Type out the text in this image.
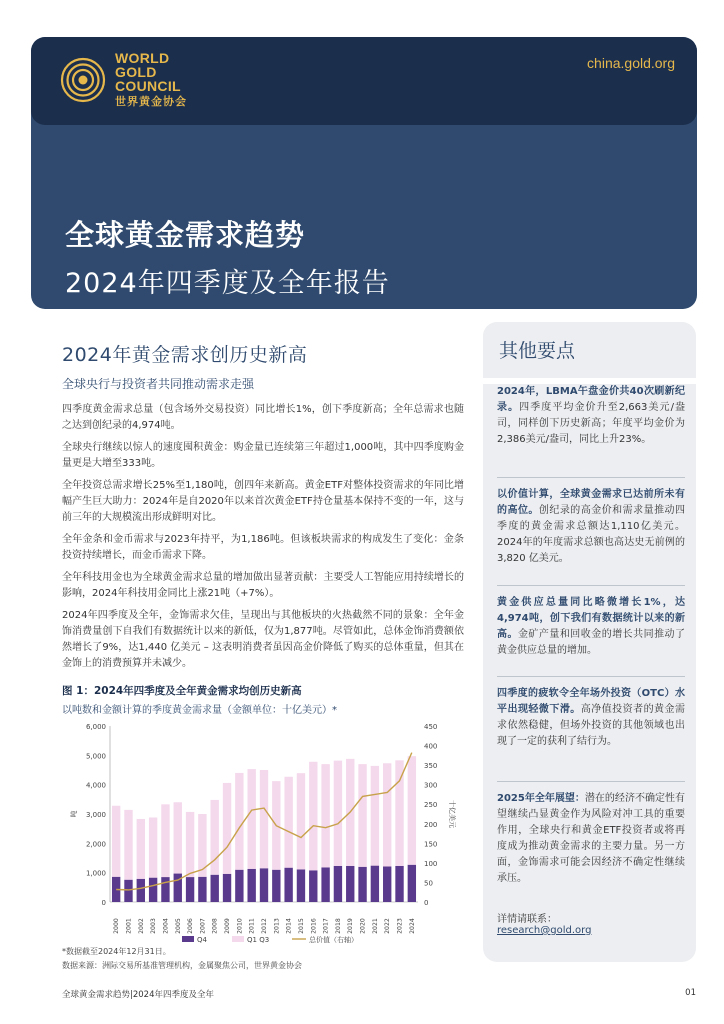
WORLD
GOLD
COUNCIL
世界黄金协会
china.gold.org
全球黄金需求趋势
2024年四季度及全年报告
2024年黄金需求创历史新高
全球央行与投资者共同推动需求走强

四季度黄金需求总量（包含场外交易投资）同比增长1%，创下季度新高；全年总需求也随之达到创纪录的4,974吨。

全球央行继续以惊人的速度囤积黄金：购金量已连续第三年超过1,000吨，其中四季度购金量更是大增至333吨。

全年投资总需求增长25%至1,180吨，创四年来新高。黄金ETF对整体投资需求的年同比增幅产生巨大助力：2024年是自2020年以来首次黄金ETF持仓量基本保持不变的一年，这与前三年的大规模流出形成鲜明对比。

全年金条和金币需求与2023年持平，为1,186吨。但该板块需求的构成发生了变化：金条投资持续增长，而金币需求下降。

全年科技用金也为全球黄金需求总量的增加做出显著贡献：主要受人工智能应用持续增长的影响，2024年科技用金同比上涨21吨（+7%）。

2024年四季度及全年，金饰需求欠佳，呈现出与其他板块的火热截然不同的景象：全年金饰消费量创下自我们有数据统计以来的新低，仅为1,877吨。尽管如此，总体金饰消费额依然增长了9%，达1,440 亿美元 – 这表明消费者虽因高金价降低了购买的总体重量，但其在金饰上的消费预算并未减少。

图 1：2024年四季度及全年黄金需求均创历史新高
以吨数和金额计算的季度黄金需求量（金额单位：十亿美元）*
0
1,000
2,000
3,000
4,000
5,000
6,000
0
50
100
150
200
250
300
350
400
450
吨	十亿美元
2000 2001 2002 2003 2004 2005 2006 2007 2008 2009 2010 2011 2012 2013 2014 2015 2016 2017 2018 2019 2020 2021 2022 2023 2024
Q4	Q1 Q3	总价值（右轴）
*数据截至2024年12月31日。
数据来源：洲际交易所基准管理机构，金属聚焦公司，世界黄金协会
其他要点
2024年，LBMA午盘金价共40次刷新纪录。四季度平均金价升至2,663美元/盎司，同样创下历史新高；年度平均金价为2,386美元/盎司，同比上升23%。
以价值计算，全球黄金需求已达前所未有的高位。创纪录的高金价和需求量推动四季度的黄金需求总额达1,110亿美元。2024年的年度需求总额也高达史无前例的3,820 亿美元。
黄金供应总量同比略微增长1%，达4,974吨，创下我们有数据统计以来的新高。金矿产量和回收金的增长共同推动了黄金供应总量的增加。
四季度的疲软令全年场外投资（OTC）水平出现轻微下滑。高净值投资者的黄金需求依然稳健，但场外投资的其他领域也出现了一定的获利了结行为。
2025年全年展望：潜在的经济不确定性有望继续凸显黄金作为风险对冲工具的重要作用，全球央行和黄金ETF投资者或将再度成为推动黄金需求的主要力量。另一方面，金饰需求可能会因经济不确定性继续承压。
详情请联系：
research@gold.org
全球黄金需求趋势|2024年四季度及全年	01
